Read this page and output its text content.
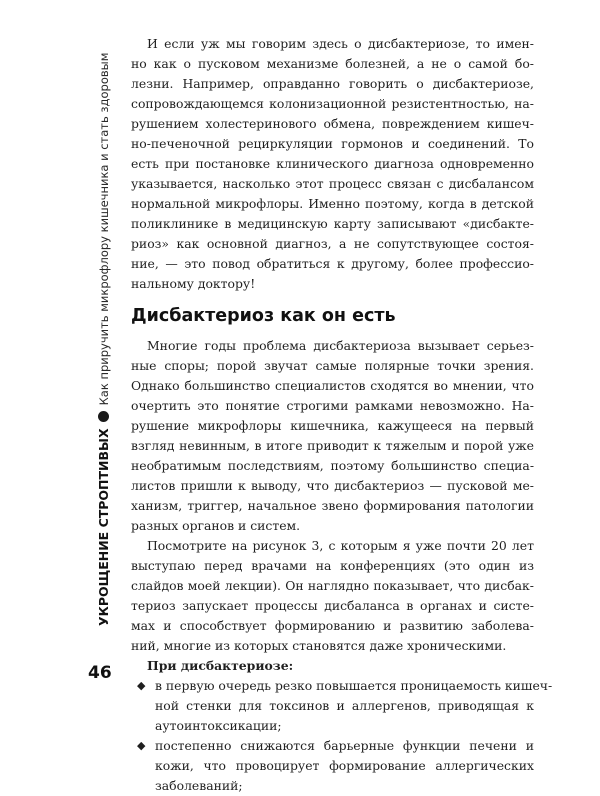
УКРОЩЕНИЕ СТРОПТИВЫХ
Как приручить микрофлору кишечника и стать здоровым
46
И если уж мы говорим здесь о дисбактериозе, то имен-
но как о пусковом механизме болезней, а не о самой бо-
лезни. Например, оправданно говорить о дисбактериозе,
сопровождающемся колонизационной резистентностью, на-
рушением холестеринового обмена, повреждением кишеч-
но-печеночной рециркуляции гормонов и соединений. То
есть при постановке клинического диагноза одновременно
указывается, насколько этот процесс связан с дисбалансом
нормальной микрофлоры. Именно поэтому, когда в детской
поликлинике в медицинскую карту записывают «дисбакте-
риоз» как основной диагноз, а не сопутствующее состоя-
ние, — это повод обратиться к другому, более профессио-
нальному доктору!
Дисбактериоз как он есть
Многие годы проблема дисбактериоза вызывает серьез-
ные споры; порой звучат самые полярные точки зрения.
Однако большинство специалистов сходятся во мнении, что
очертить это понятие строгими рамками невозможно. На-
рушение микрофлоры кишечника, кажущееся на первый
взгляд невинным, в итоге приводит к тяжелым и порой уже
необратимым последствиям, поэтому большинство специа-
листов пришли к выводу, что дисбактериоз — пусковой ме-
ханизм, триггер, начальное звено формирования патологии
разных органов и систем.
Посмотрите на рисунок 3, с которым я уже почти 20 лет
выступаю перед врачами на конференциях (это один из
слайдов моей лекции). Он наглядно показывает, что дисбак-
териоз запускает процессы дисбаланса в органах и систе-
мах и способствует формированию и развитию заболева-
ний, многие из которых становятся даже хроническими.
При дисбактериозе:
◆ в первую очередь резко повышается проницаемость кишеч-
ной стенки для токсинов и аллергенов, приводящая к
аутоинтоксикации;
◆ постепенно снижаются барьерные функции печени и
кожи, что провоцирует формирование аллергических
заболеваний;
